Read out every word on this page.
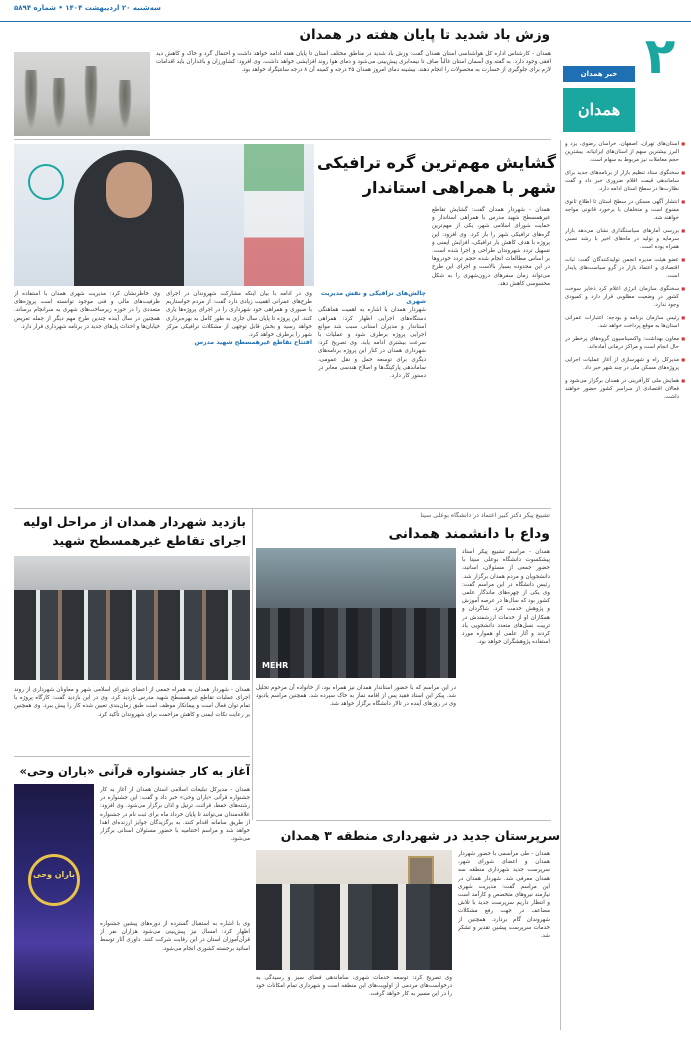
سه‌شنبه ۲۰ اردیبهشت ۱۴۰۴ • شماره ۵۸۹۴
۲
خبر همدان
همدان

■ استان‌های تهران، اصفهان، خراسان رضوی، یزد و البرز بیشترین سهم از استان‌های ایرانیانه. بیشترین حجم معاملات نیز مربوط به سهام است.

■ سخنگوی ستاد تنظیم بازار از برنامه‌های جدید برای ساماندهی قیمت اقلام ضروری خبر داد و گفت نظارت‌ها در سطح استان ادامه دارد.

■ انتشار آگهی مسکن در سطح استان تا اطلاع ثانوی ممنوع است و متخلفان با برخورد قانونی مواجه خواهند شد.

■ بررسی آمارهای سیاستگذاری نشان می‌دهد بازار سرمایه و تولید در ماه‌های اخیر با رشد نسبی همراه بوده است.

■ عضو هیئت مدیره انجمن تولیدکنندگان گفت: ثبات اقتصادی و اعتماد بازار در گرو سیاست‌های پایدار است.

■ سخنگوی سازمان انرژی اعلام کرد ذخایر سوخت کشور در وضعیت مطلوبی قرار دارد و کمبودی وجود ندارد.

■ رئیس سازمان برنامه و بودجه: اعتبارات عمرانی استان‌ها به موقع پرداخت خواهد شد.

■ معاون بهداشت: واکسیناسیون گروه‌های پرخطر در حال انجام است و مراکز درمانی آماده‌اند.

■ مدیرکل راه و شهرسازی از آغاز عملیات اجرایی پروژه‌های مسکن ملی در چند شهر خبر داد.

■ همایش ملی کارآفرینی در همدان برگزار می‌شود و فعالان اقتصادی از سراسر کشور حضور خواهند داشت.

وزش باد شدید تا پایان هفته در همدان
همدان - کارشناس اداره کل هواشناسی استان همدان گفت: وزش باد شدید در مناطق مختلف استان تا پایان هفته ادامه خواهد داشت و احتمال گرد و خاک و کاهش دید افقی وجود دارد. به گفته وی آسمان استان غالباً صاف تا نیمه‌ابری پیش‌بینی می‌شود و دمای هوا روند افزایشی خواهد داشت. وی افزود: کشاورزان و باغداران باید اقدامات لازم برای جلوگیری از خسارت به محصولات را انجام دهند. بیشینه دمای امروز همدان ۲۵ درجه و کمینه آن ۸ درجه سانتیگراد خواهد بود.
گشایش مهم‌ترین گره ترافیکی
شهر با همراهی استاندار
همدان - شهردار همدان گفت: گشایش تقاطع غیرهمسطح شهید مدرس با همراهی استاندار و حمایت شورای اسلامی شهر، یکی از مهم‌ترین گره‌های ترافیکی شهر را باز کرد. وی افزود: این پروژه با هدف کاهش بار ترافیکی، افزایش ایمنی و تسهیل تردد شهروندان طراحی و اجرا شده است. بر اساس مطالعات انجام شده حجم تردد خودروها در این محدوده بسیار بالاست و اجرای این طرح می‌تواند زمان سفرهای درون‌شهری را به شکل محسوسی کاهش دهد.
چالش‌های ترافیکی و نقش مدیریت شهری
شهردار همدان با اشاره به اهمیت هماهنگی دستگاه‌های اجرایی اظهار کرد: همراهی استاندار و مدیران استانی سبب شد موانع اجرایی پروژه برطرف شود و عملیات با سرعت بیشتری ادامه یابد. وی تصریح کرد: شهرداری همدان در کنار این پروژه برنامه‌های دیگری برای توسعه حمل و نقل عمومی، ساماندهی پارکینگ‌ها و اصلاح هندسی معابر در دستور کار دارد.
وی در ادامه با بیان اینکه مشارکت شهروندان در اجرای طرح‌های عمرانی اهمیت زیادی دارد گفت: از مردم خواستاریم با صبوری و همراهی خود شهرداری را در اجرای پروژه‌ها یاری کنند. این پروژه تا پایان سال جاری به طور کامل به بهره‌برداری خواهد رسید و بخش قابل توجهی از مشکلات ترافیکی مرکز شهر را برطرف خواهد کرد.
افتتاح تقاطع غیرهمسطح شهید مدرس
وی خاطرنشان کرد: مدیریت شهری همدان با استفاده از ظرفیت‌های مالی و فنی موجود توانسته است پروژه‌های متعددی را در حوزه زیرساخت‌های شهری به سرانجام برساند. همچنین در سال آینده چندین طرح مهم دیگر از جمله تعریض خیابان‌ها و احداث پل‌های جدید در برنامه شهرداری قرار دارد.
تشییع پیکر دکتر کبیر اعتماد در دانشگاه بوعلی سینا
وداع با دانشمند همدانی
همدان - مراسم تشییع پیکر استاد پیشکسوت دانشگاه بوعلی سینا با حضور جمعی از مسئولان، اساتید، دانشجویان و مردم همدان برگزار شد. رئیس دانشگاه در این مراسم گفت: وی یکی از چهره‌های ماندگار علمی کشور بود که سال‌ها در عرصه آموزش و پژوهش خدمت کرد. شاگردان و همکاران او از خدمات ارزشمندش در تربیت نسل‌های متعدد دانشجویی یاد کردند و آثار علمی او همواره مورد استفاده پژوهشگران خواهد بود.
MEHR
در این مراسم که با حضور استاندار همدان نیز همراه بود، از خانواده آن مرحوم تجلیل شد. پیکر این استاد فقید پس از اقامه نماز به خاک سپرده شد. همچنین مراسم یادبود وی در روزهای آینده در تالار دانشگاه برگزار خواهد شد.
بازدید شهردار همدان از مراحل اولیه
اجرای تقاطع غیرهمسطح شهید
همدان - شهردار همدان به همراه جمعی از اعضای شورای اسلامی شهر و معاونان شهرداری از روند اجرای عملیات تقاطع غیرهمسطح شهید مدرس بازدید کرد. وی در این بازدید گفت: کارگاه پروژه با تمام توان فعال است و پیمانکار موظف است طبق زمان‌بندی تعیین شده کار را پیش ببرد. وی همچنین بر رعایت نکات ایمنی و کاهش مزاحمت برای شهروندان تأکید کرد.
آغاز به کار جشنواره قرآنی «باران وحی»
همدان - مدیرکل تبلیغات اسلامی استان همدان از آغاز به کار جشنواره قرآنی «باران وحی» خبر داد و گفت: این جشنواره در رشته‌های حفظ، قرائت، ترتیل و اذان برگزار می‌شود. وی افزود: علاقه‌مندان می‌توانند تا پایان خرداد ماه برای ثبت نام در جشنواره از طریق سامانه اقدام کنند. به برگزیدگان جوایز ارزنده‌ای اهدا خواهد شد و مراسم اختتامیه با حضور مسئولان استانی برگزار می‌شود.
وی با اشاره به استقبال گسترده از دوره‌های پیشین جشنواره اظهار کرد: امسال نیز پیش‌بینی می‌شود هزاران نفر از قرآن‌آموزان استان در این رقابت شرکت کنند. داوری آثار توسط اساتید برجسته کشوری انجام می‌شود.
باران وحی
سرپرستان جدید در شهرداری منطقه ۳ همدان
همدان - طی مراسمی با حضور شهردار همدان و اعضای شورای شهر، سرپرست جدید شهرداری منطقه سه همدان معرفی شد. شهردار همدان در این مراسم گفت: مدیریت شهری نیازمند نیروهای متخصص و کارآمد است و انتظار داریم سرپرست جدید با تلاش مضاعف در جهت رفع مشکلات شهروندان گام بردارد. همچنین از خدمات سرپرست پیشین تقدیر و تشکر شد.
وی تصریح کرد: توسعه خدمات شهری، ساماندهی فضای سبز و رسیدگی به درخواست‌های مردمی از اولویت‌های این منطقه است و شهرداری تمام امکانات خود را در این مسیر به کار خواهد گرفت.
